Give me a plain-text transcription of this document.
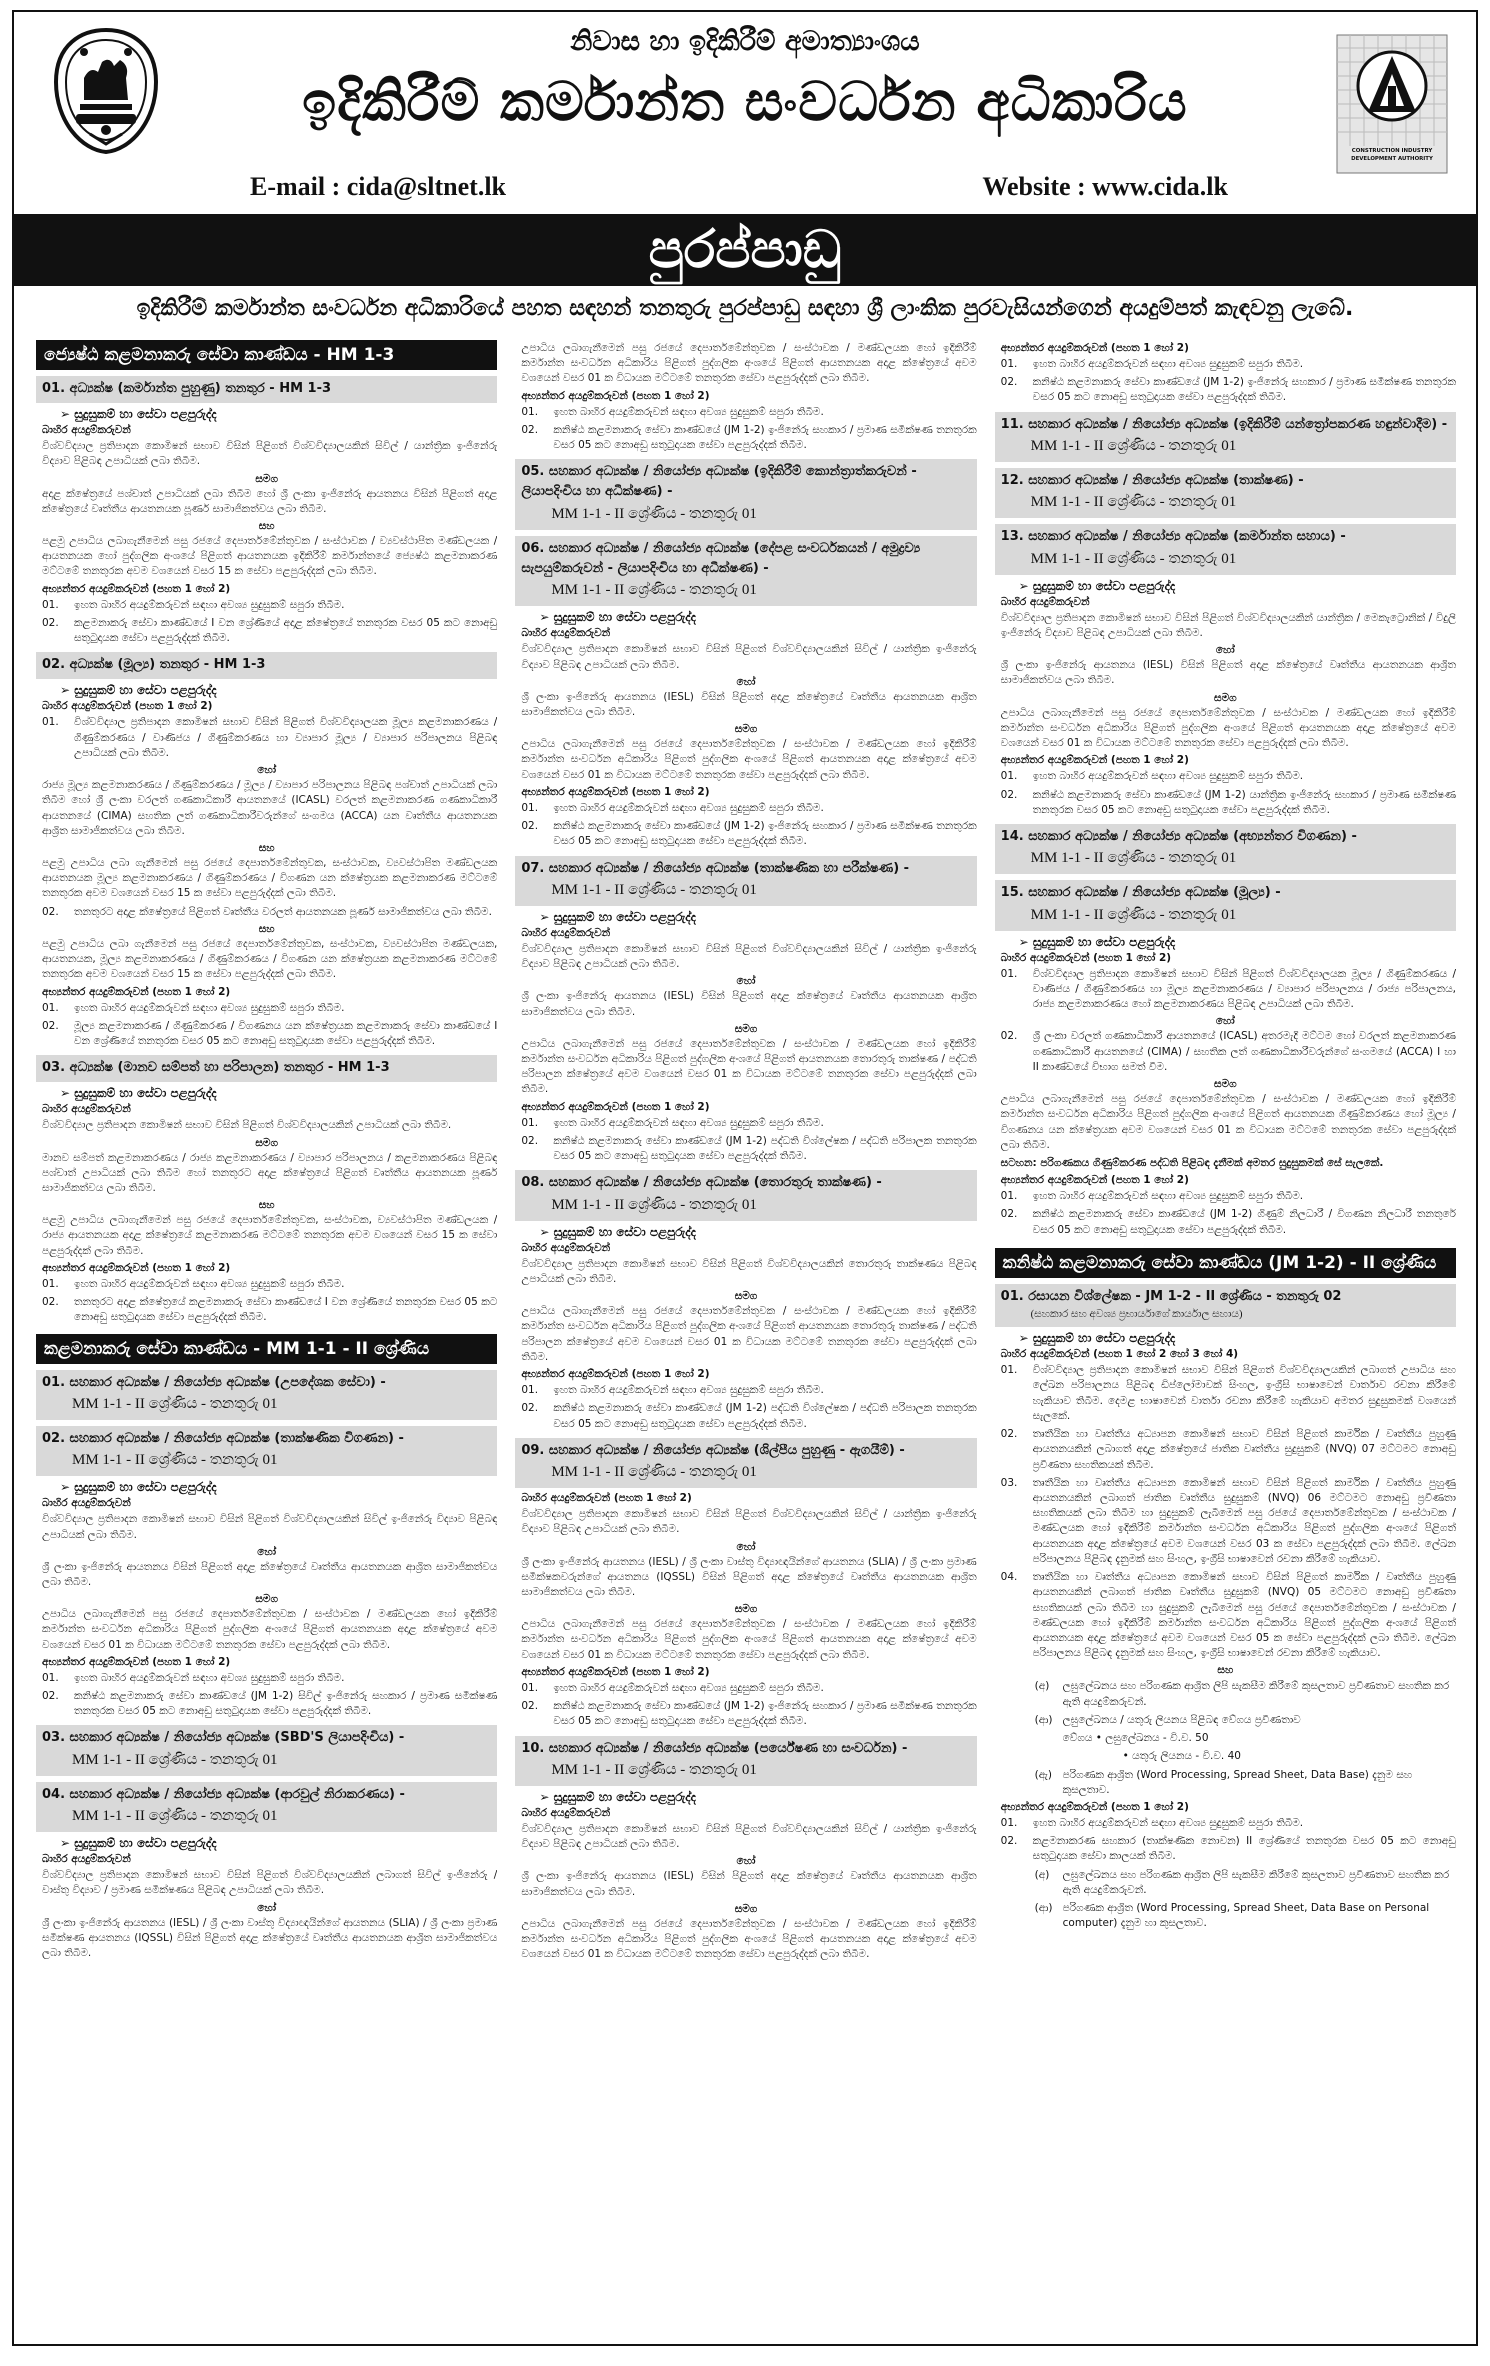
නිවාස හා ඉදිකිරීම් අමාත්‍යාංශය
ඉදිකිරීම් කර්මාන්ත සංවර්ධන අධිකාරිය
E-mail : cida@sltnet.lk	Website : www.cida.lk
CONSTRUCTION INDUSTRY
DEVELOPMENT AUTHORITY
පුරප්පාඩු
ඉදිකිරීම් කර්මාන්ත සංවර්ධන අධිකාරියේ පහත සඳහන් තනතුරු පුරප්පාඩු සඳහා ශ්‍රී ලාංකික පුරවැසියන්ගෙන් අයදුම්පත් කැඳවනු ලැබේ.
ජ්‍යෙෂ්ඨ කළමනාකරු සේවා කාණ්ඩය - HM 1-3
01. අධ්‍යක්ෂ (කර්මාන්ත පුහුණු) තනතුර - HM 1-3
➢ සුදුසුකම් හා සේවා පළපුරුද්ද
බාහිර අයදුම්කරුවන්
විශ්වවිද්‍යාල ප්‍රතිපාදන කොමිෂන් සභාව විසින් පිළිගත් විශ්වවිද්‍යාලයකින් සිවිල් / යාන්ත්‍රික ඉංජිනේරු විද්‍යාව පිළිබඳ උපාධියක් ලබා තිබීම.
සමග
අදාළ ක්ෂේත්‍රයේ පශ්චාත් උපාධියක් ලබා තිබීම හෝ ශ්‍රී ලංකා ඉංජිනේරු ආයතනය විසින් පිළිගත් අදාළ ක්ෂේත්‍රයේ වෘත්තීය ආයතනයක පූර්ණ සාමාජිකත්වය ලබා තිබීම.
සහ
පළමු උපාධිය ලබාගැනීමෙන් පසු රජයේ දෙපාර්තමේන්තුවක / සංස්ථාවක / ව්‍යවස්ථාපිත මණ්ඩලයක / ආයතනයක හෝ පුද්ගලික අංශයේ පිළිගත් ආයතනයක ඉදිකිරීම් කර්මාන්තයේ ජ්‍යෙෂ්ඨ කළමනාකරණ මට්ටමේ තනතුරක අවම වශයෙන් වසර 15 ක සේවා පළපුරුද්දක් ලබා තිබීම.
අභ්‍යන්තර අයදුම්කරුවන් (පහත 1 හෝ 2)
01.	ඉහත බාහිර අයදුම්කරුවන් සඳහා අවශ්‍ය සුදුසුකම් සපුරා තිබීම.
02.	කළමනාකරු සේවා කාණ්ඩයේ I වන ශ්‍රේණියේ අදාළ ක්ෂේත්‍රයේ තනතුරක වසර 05 කට නොඅඩු සතුටුදායක සේවා පළපුරුද්දක් තිබීම.
02. අධ්‍යක්ෂ (මූල්‍ය) තනතුර - HM 1-3
➢ සුදුසුකම් හා සේවා පළපුරුද්ද
බාහිර අයදුම්කරුවන් (පහත 1 හෝ 2)
01.	විශ්වවිද්‍යාල ප්‍රතිපාදන කොමිෂන් සභාව විසින් පිළිගත් විශ්වවිද්‍යාලයක මූල්‍ය කළමනාකරණය / ගිණුම්කරණය / වාණිජය / ගිණුම්කරණය හා ව්‍යාපාර මූල්‍ය / ව්‍යාපාර පරිපාලනය පිළිබඳ උපාධියක් ලබා තිබීම.
හෝ
රාජ්‍ය මූල්‍ය කළමනාකරණය / ගිණුම්කරණය / මූල්‍ය / ව්‍යාපාර පරිපාලනය පිළිබඳ පශ්චාත් උපාධියක් ලබා තිබීම හෝ ශ්‍රී ලංකා වරලත් ගණකාධිකාරී ආයතනයේ (ICASL) වරලත් කළමනාකරණ ගණකාධිකාරී ආයතනයේ (CIMA) සහතික ලත් ගණකාධිකාරීවරුන්ගේ සංගමය (ACCA) යන වෘත්තීය ආයතනයක ආශ්‍රිත සාමාජිකත්වය ලබා තිබීම.
සහ
පළමු උපාධිය ලබා ගැනීමෙන් පසු රජයේ දෙපාර්තමේන්තුවක, සංස්ථාවක, ව්‍යවස්ථාපිත මණ්ඩලයක ආයතනයක මූල්‍ය කළමනාකරණය / ගිණුම්කරණය / විගණන යන ක්ෂේත්‍රයක කළමනාකරණ මට්ටමේ තනතුරක අවම වශයෙන් වසර 15 ක සේවා පළපුරුද්දක් ලබා තිබීම.
02.	තනතුරට අදාළ ක්ෂේත්‍රයේ පිළිගත් වෘත්තීය වරලත් ආයතනයක පූර්ණ සාමාජිකත්වය ලබා තිබීම.
සහ
පළමු උපාධිය ලබා ගැනීමෙන් පසු රජයේ දෙපාර්තමේන්තුවක, සංස්ථාවක, ව්‍යවස්ථාපිත මණ්ඩලයක, ආයතනයක, මූල්‍ය කළමනාකරණය / ගිණුම්කරණය / විගණන යන ක්ෂේත්‍රයක කළමනාකරණ මට්ටමේ තනතුරක අවම වශයෙන් වසර 15 ක සේවා පළපුරුද්දක් ලබා තිබීම.
අභ්‍යන්තර අයදුම්කරුවන් (පහත 1 හෝ 2)
01.	ඉහත බාහිර අයදුම්කරුවන් සඳහා අවශ්‍ය සුදුසුකම් සපුරා තිබීම.
02.	මූල්‍ය කළමනාකරණ / ගිණුම්කරණ / විගණනය යන ක්ෂේත්‍රයක කළමනාකරු සේවා කාණ්ඩයේ I වන ශ්‍රේණියේ තනතුරක වසර 05 කට නොඅඩු සතුටුදායක සේවා පළපුරුද්දක් තිබීම.
03. අධ්‍යක්ෂ (මානව සම්පත් හා පරිපාලන) තනතුර - HM 1-3
➢ සුදුසුකම් හා සේවා පළපුරුද්ද
බාහිර අයදුම්කරුවන්
විශ්වවිද්‍යාල ප්‍රතිපාදන කොමිෂන් සභාව විසින් පිළිගත් විශ්වවිද්‍යාලයකින් උපාධියක් ලබා තිබීම.
සමග
මානව සම්පත් කළමනාකරණය / රාජ්‍ය කළමනාකරණය / ව්‍යාපාර පරිපාලනය / කළමනාකරණය පිළිබඳ පශ්චාත් උපාධියක් ලබා තිබීම හෝ තනතුරට අදාළ ක්ෂේත්‍රයේ පිළිගත් වෘත්තීය ආයතනයක පූර්ණ සාමාජිකත්වය ලබා තිබීම.
සහ
පළමු උපාධිය ලබාගැනීමෙන් පසු රජයේ දෙපාර්තමේන්තුවක, සංස්ථාවක, ව්‍යවස්ථාපිත මණ්ඩලයක / රාජ්‍ය ආයතනයක අදාළ ක්ෂේත්‍රයේ කළමනාකරණ මට්ටමේ තනතුරක අවම වශයෙන් වසර 15 ක සේවා පළපුරුද්දක් ලබා තිබීම.
අභ්‍යන්තර අයදුම්කරුවන් (පහත 1 හෝ 2)
01.	ඉහත බාහිර අයදුම්කරුවන් සඳහා අවශ්‍ය සුදුසුකම් සපුරා තිබීම.
02.	තනතුරට අදාළ ක්ෂේත්‍රයේ කළමනාකරු සේවා කාණ්ඩයේ I වන ශ්‍රේණියේ තනතුරක වසර 05 කට නොඅඩු සතුටුදායක සේවා පළපුරුද්දක් තිබීම.
කළමනාකරු සේවා කාණ්ඩය - MM 1-1 - II ශ්‍රේණිය
01. සහකාර අධ්‍යක්ෂ / නියෝජ්‍ය අධ්‍යක්ෂ (උපදේශක සේවා) -
MM 1-1 - II ශ්‍රේණිය - තනතුරු 01
02. සහකාර අධ්‍යක්ෂ / නියෝජ්‍ය අධ්‍යක්ෂ (තාක්ෂණික විගණන) -
MM 1-1 - II ශ්‍රේණිය - තනතුරු 01
➢ සුදුසුකම් හා සේවා පළපුරුද්ද
බාහිර අයදුම්කරුවන්
විශ්වවිද්‍යාල ප්‍රතිපාදන කොමිෂන් සභාව විසින් පිළිගත් විශ්වවිද්‍යාලයකින් සිවිල් ඉංජිනේරු විද්‍යාව පිළිබඳ උපාධියක් ලබා තිබීම.
හෝ
ශ්‍රී ලංකා ඉංජිනේරු ආයතනය විසින් පිළිගත් අදාළ ක්ෂේත්‍රයේ වෘත්තීය ආයතනයක ආශ්‍රිත සාමාජිකත්වය ලබා තිබීම.
සමග
උපාධිය ලබාගැනීමෙන් පසු රජයේ දෙපාර්තමේන්තුවක / සංස්ථාවක / මණ්ඩලයක හෝ ඉදිකිරීම් කර්මාන්ත සංවර්ධන අධිකාරිය පිළිගත් පුද්ගලික අංශයේ පිළිගත් ආයතනයක අදාළ ක්ෂේත්‍රයේ අවම වශයෙන් වසර 01 ක විධායක මට්ටමේ තනතුරක සේවා පළපුරුද්දක් ලබා තිබීම.
අභ්‍යන්තර අයදුම්කරුවන් (පහත 1 හෝ 2)
01.	ඉහත බාහිර අයදුම්කරුවන් සඳහා අවශ්‍ය සුදුසුකම් සපුරා තිබීම.
02.	කනිෂ්ඨ කළමනාකරු සේවා කාණ්ඩයේ (JM 1-2) සිවිල් ඉංජිනේරු සහකාර / ප්‍රමාණ සමීක්ෂණ තනතුරක වසර 05 කට නොඅඩු සතුටුදායක සේවා පළපුරුද්දක් තිබීම.
03. සහකාර අධ්‍යක්ෂ / නියෝජ්‍ය අධ්‍යක්ෂ (SBD'S ලියාපදිංචිය) -
MM 1-1 - II ශ්‍රේණිය - තනතුරු 01
04. සහකාර අධ්‍යක්ෂ / නියෝජ්‍ය අධ්‍යක්ෂ (ආරවුල් නිරාකරණය) -
MM 1-1 - II ශ්‍රේණිය - තනතුරු 01
➢ සුදුසුකම් හා සේවා පළපුරුද්ද
බාහිර අයදුම්කරුවන්
විශ්වවිද්‍යාල ප්‍රතිපාදන කොමිෂන් සභාව විසින් පිළිගත් විශ්වවිද්‍යාලයකින් ලබාගත් සිවිල් ඉංජිනේරු / වාස්තු විද්‍යාව / ප්‍රමාණ සමීක්ෂණය පිළිබඳ උපාධියක් ලබා තිබීම.
හෝ
ශ්‍රී ලංකා ඉංජිනේරු ආයතනය (IESL) / ශ්‍රී ලංකා වාස්තු විද්‍යාඥයින්ගේ ආයතනය (SLIA) / ශ්‍රී ලංකා ප්‍රමාණ සමීක්ෂණ ආයතනය (IQSSL) විසින් පිළිගත් අදාළ ක්ෂේත්‍රයේ වෘත්තීය ආයතනයක ආශ්‍රිත සාමාජිකත්වය ලබා තිබීම.
උපාධිය ලබාගැනීමෙන් පසු රජයේ දෙපාර්තමේන්තුවක / සංස්ථාවක / මණ්ඩලයක හෝ ඉදිකිරීම් කර්මාන්ත සංවර්ධන අධිකාරිය පිළිගත් පුද්ගලික අංශයේ පිළිගත් ආයතනයක අදාළ ක්ෂේත්‍රයේ අවම වශයෙන් වසර 01 ක විධායක මට්ටමේ තනතුරක සේවා පළපුරුද්දක් ලබා තිබීම.
අභ්‍යන්තර අයදුම්කරුවන් (පහත 1 හෝ 2)
01.	ඉහත බාහිර අයදුම්කරුවන් සඳහා අවශ්‍ය සුදුසුකම් සපුරා තිබීම.
02.	කනිෂ්ඨ කළමනාකරු සේවා කාණ්ඩයේ (JM 1-2) ඉංජිනේරු සහකාර / ප්‍රමාණ සමීක්ෂණ තනතුරක වසර 05 කට නොඅඩු සතුටුදායක සේවා පළපුරුද්දක් තිබීම.
05. සහකාර අධ්‍යක්ෂ / නියෝජ්‍ය අධ්‍යක්ෂ (ඉදිකිරීම් කොන්ත්‍රාත්කරුවන් - ලියාපදිංචිය හා අධීක්ෂණ) -
MM 1-1 - II ශ්‍රේණිය - තනතුරු 01
06. සහකාර අධ්‍යක්ෂ / නියෝජ්‍ය අධ්‍යක්ෂ (දේපළ සංවර්ධකයන් / අමුද්‍රව්‍ය සැපයුම්කරුවන් - ලියාපදිංචිය හා අධීක්ෂණ) -
MM 1-1 - II ශ්‍රේණිය - තනතුරු 01
➢ සුදුසුකම් හා සේවා පළපුරුද්ද
බාහිර අයදුම්කරුවන්
විශ්වවිද්‍යාල ප්‍රතිපාදන කොමිෂන් සභාව විසින් පිළිගත් විශ්වවිද්‍යාලයකින් සිවිල් / යාන්ත්‍රික ඉංජිනේරු විද්‍යාව පිළිබඳ උපාධියක් ලබා තිබීම.
හෝ
ශ්‍රී ලංකා ඉංජිනේරු ආයතනය (IESL) විසින් පිළිගත් අදාළ ක්ෂේත්‍රයේ වෘත්තීය ආයතනයක ආශ්‍රිත සාමාජිකත්වය ලබා තිබීම.
සමග
උපාධිය ලබාගැනීමෙන් පසු රජයේ දෙපාර්තමේන්තුවක / සංස්ථාවක / මණ්ඩලයක හෝ ඉදිකිරීම් කර්මාන්ත සංවර්ධන අධිකාරිය පිළිගත් පුද්ගලික අංශයේ පිළිගත් ආයතනයක අදාළ ක්ෂේත්‍රයේ අවම වශයෙන් වසර 01 ක විධායක මට්ටමේ තනතුරක සේවා පළපුරුද්දක් ලබා තිබීම.
අභ්‍යන්තර අයදුම්කරුවන් (පහත 1 හෝ 2)
01.	ඉහත බාහිර අයදුම්කරුවන් සඳහා අවශ්‍ය සුදුසුකම් සපුරා තිබීම.
02.	කනිෂ්ඨ කළමනාකරු සේවා කාණ්ඩයේ (JM 1-2) ඉංජිනේරු සහකාර / ප්‍රමාණ සමීක්ෂණ තනතුරක වසර 05 කට නොඅඩු සතුටුදායක සේවා පළපුරුද්දක් තිබීම.
07. සහකාර අධ්‍යක්ෂ / නියෝජ්‍ය අධ්‍යක්ෂ (තාක්ෂණික හා පරීක්ෂණ) -
MM 1-1 - II ශ්‍රේණිය - තනතුරු 01
➢ සුදුසුකම් හා සේවා පළපුරුද්ද
බාහිර අයදුම්කරුවන්
විශ්වවිද්‍යාල ප්‍රතිපාදන කොමිෂන් සභාව විසින් පිළිගත් විශ්වවිද්‍යාලයකින් සිවිල් / යාන්ත්‍රික ඉංජිනේරු විද්‍යාව පිළිබඳ උපාධියක් ලබා තිබීම.
හෝ
ශ්‍රී ලංකා ඉංජිනේරු ආයතනය (IESL) විසින් පිළිගත් අදාළ ක්ෂේත්‍රයේ වෘත්තීය ආයතනයක ආශ්‍රිත සාමාජිකත්වය ලබා තිබීම.
සමග
උපාධිය ලබාගැනීමෙන් පසු රජයේ දෙපාර්තමේන්තුවක / සංස්ථාවක / මණ්ඩලයක හෝ ඉදිකිරීම් කර්මාන්ත සංවර්ධන අධිකාරිය පිළිගත් පුද්ගලික අංශයේ පිළිගත් ආයතනයක තොරතුරු තාක්ෂණ / පද්ධති පරිපාලන ක්ෂේත්‍රයේ අවම වශයෙන් වසර 01 ක විධායක මට්ටමේ තනතුරක සේවා පළපුරුද්දක් ලබා තිබීම.
අභ්‍යන්තර අයදුම්කරුවන් (පහත 1 හෝ 2)
01.	ඉහත බාහිර අයදුම්කරුවන් සඳහා අවශ්‍ය සුදුසුකම් සපුරා තිබීම.
02.	කනිෂ්ඨ කළමනාකරු සේවා කාණ්ඩයේ (JM 1-2) පද්ධති විශ්ලේෂක / පද්ධති පරිපාලක තනතුරක වසර 05 කට නොඅඩු සතුටුදායක සේවා පළපුරුද්දක් තිබීම.
08. සහකාර අධ්‍යක්ෂ / නියෝජ්‍ය අධ්‍යක්ෂ (තොරතුරු තාක්ෂණ) -
MM 1-1 - II ශ්‍රේණිය - තනතුරු 01
➢ සුදුසුකම් හා සේවා පළපුරුද්ද
බාහිර අයදුම්කරුවන්
විශ්වවිද්‍යාල ප්‍රතිපාදන කොමිෂන් සභාව විසින් පිළිගත් විශ්වවිද්‍යාලයකින් තොරතුරු තාක්ෂණය පිළිබඳ උපාධියක් ලබා තිබීම.
සමග
උපාධිය ලබාගැනීමෙන් පසු රජයේ දෙපාර්තමේන්තුවක / සංස්ථාවක / මණ්ඩලයක හෝ ඉදිකිරීම් කර්මාන්ත සංවර්ධන අධිකාරිය පිළිගත් පුද්ගලික අංශයේ පිළිගත් ආයතනයක තොරතුරු තාක්ෂණ / පද්ධති පරිපාලන ක්ෂේත්‍රයේ අවම වශයෙන් වසර 01 ක විධායක මට්ටමේ තනතුරක සේවා පළපුරුද්දක් ලබා තිබීම.
අභ්‍යන්තර අයදුම්කරුවන් (පහත 1 හෝ 2)
01.	ඉහත බාහිර අයදුම්කරුවන් සඳහා අවශ්‍ය සුදුසුකම් සපුරා තිබීම.
02.	කනිෂ්ඨ කළමනාකරු සේවා කාණ්ඩයේ (JM 1-2) පද්ධති විශ්ලේෂක / පද්ධති පරිපාලක තනතුරක වසර 05 කට නොඅඩු සතුටුදායක සේවා පළපුරුද්දක් තිබීම.
09. සහකාර අධ්‍යක්ෂ / නියෝජ්‍ය අධ්‍යක්ෂ (ශිල්පීය පුහුණු - ඇගයීම්) -
MM 1-1 - II ශ්‍රේණිය - තනතුරු 01
බාහිර අයදුම්කරුවන් (පහත 1 හෝ 2)
විශ්වවිද්‍යාල ප්‍රතිපාදන කොමිෂන් සභාව විසින් පිළිගත් විශ්වවිද්‍යාලයකින් සිවිල් / යාන්ත්‍රික ඉංජිනේරු විද්‍යාව පිළිබඳ උපාධියක් ලබා තිබීම.
හෝ
ශ්‍රී ලංකා ඉංජිනේරු ආයතනය (IESL) / ශ්‍රී ලංකා වාස්තු විද්‍යාඥයින්ගේ ආයතනය (SLIA) / ශ්‍රී ලංකා ප්‍රමාණ සමීක්ෂකවරුන්ගේ ආයතනය (IQSSL) විසින් පිළිගත් අදාළ ක්ෂේත්‍රයේ වෘත්තීය ආයතනයක ආශ්‍රිත සාමාජිකත්වය ලබා තිබීම.
සමග
උපාධිය ලබාගැනීමෙන් පසු රජයේ දෙපාර්තමේන්තුවක / සංස්ථාවක / මණ්ඩලයක හෝ ඉදිකිරීම් කර්මාන්ත සංවර්ධන අධිකාරිය පිළිගත් පුද්ගලික අංශයේ පිළිගත් ආයතනයක අදාළ ක්ෂේත්‍රයේ අවම වශයෙන් වසර 01 ක විධායක මට්ටමේ තනතුරක සේවා පළපුරුද්දක් ලබා තිබීම.
අභ්‍යන්තර අයදුම්කරුවන් (පහත 1 හෝ 2)
01.	ඉහත බාහිර අයදුම්කරුවන් සඳහා අවශ්‍ය සුදුසුකම් සපුරා තිබීම.
02.	කනිෂ්ඨ කළමනාකරු සේවා කාණ්ඩයේ (JM 1-2) ඉංජිනේරු සහකාර / ප්‍රමාණ සමීක්ෂණ තනතුරක වසර 05 කට නොඅඩු සතුටුදායක සේවා පළපුරුද්දක් තිබීම.
10. සහකාර අධ්‍යක්ෂ / නියෝජ්‍ය අධ්‍යක්ෂ (පර්යේෂණ හා සංවර්ධන) -
MM 1-1 - II ශ්‍රේණිය - තනතුරු 01
➢ සුදුසුකම් හා සේවා පළපුරුද්ද
බාහිර අයදුම්කරුවන්
විශ්වවිද්‍යාල ප්‍රතිපාදන කොමිෂන් සභාව විසින් පිළිගත් විශ්වවිද්‍යාලයකින් සිවිල් / යාන්ත්‍රික ඉංජිනේරු විද්‍යාව පිළිබඳ උපාධියක් ලබා තිබීම.
හෝ
ශ්‍රී ලංකා ඉංජිනේරු ආයතනය (IESL) විසින් පිළිගත් අදාළ ක්ෂේත්‍රයේ වෘත්තීය ආයතනයක ආශ්‍රිත සාමාජිකත්වය ලබා තිබීම.
සමග
උපාධිය ලබාගැනීමෙන් පසු රජයේ දෙපාර්තමේන්තුවක / සංස්ථාවක / මණ්ඩලයක හෝ ඉදිකිරීම් කර්මාන්ත සංවර්ධන අධිකාරිය පිළිගත් පුද්ගලික අංශයේ පිළිගත් ආයතනයක අදාළ ක්ෂේත්‍රයේ අවම වශයෙන් වසර 01 ක විධායක මට්ටමේ තනතුරක සේවා පළපුරුද්දක් ලබා තිබීම.
අභ්‍යන්තර අයදුම්කරුවන් (පහත 1 හෝ 2)
01.	ඉහත බාහිර අයදුම්කරුවන් සඳහා අවශ්‍ය සුදුසුකම් සපුරා තිබීම.
02.	කනිෂ්ඨ කළමනාකරු සේවා කාණ්ඩයේ (JM 1-2) ඉංජිනේරු සහකාර / ප්‍රමාණ සමීක්ෂණ තනතුරක වසර 05 කට නොඅඩු සතුටුදායක සේවා පළපුරුද්දක් තිබීම.
11. සහකාර අධ්‍යක්ෂ / නියෝජ්‍ය අධ්‍යක්ෂ (ඉදිකිරීම් යන්ත්‍රෝපකරණ හඳුන්වාදීම) -
MM 1-1 - II ශ්‍රේණිය - තනතුරු 01
12. සහකාර අධ්‍යක්ෂ / නියෝජ්‍ය අධ්‍යක්ෂ (තාක්ෂණ) -
MM 1-1 - II ශ්‍රේණිය - තනතුරු 01
13. සහකාර අධ්‍යක්ෂ / නියෝජ්‍ය අධ්‍යක්ෂ (කර්මාන්ත සහාය) -
MM 1-1 - II ශ්‍රේණිය - තනතුරු 01
➢ සුදුසුකම් හා සේවා පළපුරුද්ද
බාහිර අයදුම්කරුවන්
විශ්වවිද්‍යාල ප්‍රතිපාදන කොමිෂන් සභාව විසින් පිළිගත් විශ්වවිද්‍යාලයකින් යාන්ත්‍රික / මෙකැට්‍රොනික් / විදුලි ඉංජිනේරු විද්‍යාව පිළිබඳ උපාධියක් ලබා තිබීම.
හෝ
ශ්‍රී ලංකා ඉංජිනේරු ආයතනය (IESL) විසින් පිළිගත් අදාළ ක්ෂේත්‍රයේ වෘත්තීය ආයතනයක ආශ්‍රිත සාමාජිකත්වය ලබා තිබීම.
සමග
උපාධිය ලබාගැනීමෙන් පසු රජයේ දෙපාර්තමේන්තුවක / සංස්ථාවක / මණ්ඩලයක හෝ ඉදිකිරීම් කර්මාන්ත සංවර්ධන අධිකාරිය පිළිගත් පුද්ගලික අංශයේ පිළිගත් ආයතනයක අදාළ ක්ෂේත්‍රයේ අවම වශයෙන් වසර 01 ක විධායක මට්ටමේ තනතුරක සේවා පළපුරුද්දක් ලබා තිබීම.
අභ්‍යන්තර අයදුම්කරුවන් (පහත 1 හෝ 2)
01.	ඉහත බාහිර අයදුම්කරුවන් සඳහා අවශ්‍ය සුදුසුකම් සපුරා තිබීම.
02.	කනිෂ්ඨ කළමනාකරු සේවා කාණ්ඩයේ (JM 1-2) යාන්ත්‍රික ඉංජිනේරු සහකාර / ප්‍රමාණ සමීක්ෂණ තනතුරක වසර 05 කට නොඅඩු සතුටුදායක සේවා පළපුරුද්දක් තිබීම.
14. සහකාර අධ්‍යක්ෂ / නියෝජ්‍ය අධ්‍යක්ෂ (අභ්‍යන්තර විගණන) -
MM 1-1 - II ශ්‍රේණිය - තනතුරු 01
15. සහකාර අධ්‍යක්ෂ / නියෝජ්‍ය අධ්‍යක්ෂ (මූල්‍ය) -
MM 1-1 - II ශ්‍රේණිය - තනතුරු 01
➢ සුදුසුකම් හා සේවා පළපුරුද්ද
බාහිර අයදුම්කරුවන් (පහත 1 හෝ 2)
01.	විශ්වවිද්‍යාල ප්‍රතිපාදන කොමිෂන් සභාව විසින් පිළිගත් විශ්වවිද්‍යාලයක මූල්‍ය / ගිණුම්කරණය / වාණිජය / ගිණුම්කරණය හා මූල්‍ය කළමනාකරණය / ව්‍යාපාර පරිපාලනය / රාජ්‍ය පරිපාලනය, රාජ්‍ය කළමනාකරණය හෝ කළමනාකරණය පිළිබඳ උපාධියක් ලබා තිබීම.
හෝ
02.	ශ්‍රී ලංකා වරලත් ගණකාධිකාරී ආයතනයේ (ICASL) අතරමැදි මට්ටම හෝ වරලත් කළමනාකරණ ගණකාධිකාරී ආයතනයේ (CIMA) / සහතික ලත් ගණකාධිකාරීවරුන්ගේ සංගමයේ (ACCA) I හා II කාණ්ඩයේ විභාග සමත් වීම.
සමග
උපාධිය ලබාගැනීමෙන් පසු රජයේ දෙපාර්තමේන්තුවක / සංස්ථාවක / මණ්ඩලයක හෝ ඉදිකිරීම් කර්මාන්ත සංවර්ධන අධිකාරිය පිළිගත් පුද්ගලික අංශයේ පිළිගත් ආයතනයක ගිණුම්කරණය හෝ මූල්‍ය / විගණනය යන ක්ෂේත්‍රයක අවම වශයෙන් වසර 01 ක විධායක මට්ටමේ තනතුරක සේවා පළපුරුද්දක් ලබා තිබීම.
සටහන: පරිගණකය ගිණුම්කරණ පද්ධති පිළිබඳ දැනීමක් අමතර සුදුසුකමක් සේ සැලකේ.
අභ්‍යන්තර අයදුම්කරුවන් (පහත 1 හෝ 2)
01.	ඉහත බාහිර අයදුම්කරුවන් සඳහා අවශ්‍ය සුදුසුකම් සපුරා තිබීම.
02.	කනිෂ්ඨ කළමනාකරු සේවා කාණ්ඩයේ (JM 1-2) ගිණුම් නිලධාරී / විගණන නිලධාරී තනතුරේ වසර 05 කට නොඅඩු සතුටුදායක සේවා පළපුරුද්දක් තිබීම.
කනිෂ්ඨ කළමනාකරු සේවා කාණ්ඩය (JM 1-2) - II ශ්‍රේණිය
01. රසායන විශ්ලේෂක - JM 1-2 - II ශ්‍රේණිය - තනතුරු 02
(සහකාර සහ අවශ්‍ය ප්‍රභාර්යාගේ කාර්යාල සහාය)
➢ සුදුසුකම් හා සේවා පළපුරුද්ද
බාහිර අයදුම්කරුවන් (පහත 1 හෝ 2 හෝ 3 හෝ 4)
01.	විශ්වවිද්‍යාල ප්‍රතිපාදන කොමිෂන් සභාව විසින් පිළිගත් විශ්වවිද්‍යාලයකින් ලබාගත් උපාධිය සහ ලේඛන පරිපාලනය පිළිබඳ ඩිප්ලෝමාවක් සිංහල, ඉංග්‍රීසි භාෂාවෙන් වාර්තාව රචනා කිරීමේ හැකියාව තිබීම. දෙමළ භාෂාවෙන් වාර්තා රචනා කිරීමේ හැකියාව අමතර සුදුසුකමක් වශයෙන් සැලකේ.
02.	තෘතීයික හා වෘත්තීය අධ්‍යාපන කොමිෂන් සභාව විසින් පිළිගත් කාර්මික / වෘත්තීය පුහුණු ආයතනයකින් ලබාගත් අදාළ ක්ෂේත්‍රයේ ජාතික වෘත්තීය සුදුසුකම් (NVQ) 07 මට්ටමට නොඅඩු ප්‍රවීණතා සහතිකයක් තිබීම.
03.	තෘතීයික හා වෘත්තීය අධ්‍යාපන කොමිෂන් සභාව විසින් පිළිගත් කාර්මික / වෘත්තීය පුහුණු ආයතනයකින් ලබාගත් ජාතික වෘත්තීය සුදුසුකම් (NVQ) 06 මට්ටමට නොඅඩු ප්‍රවීණතා සහතිකයක් ලබා තිබීම හා සුදුසුකම් ලැබීමෙන් පසු රජයේ දෙපාර්තමේන්තුවක / සංස්ථාවක / මණ්ඩලයක හෝ ඉදිකිරීම් කර්මාන්ත සංවර්ධන අධිකාරිය පිළිගත් පුද්ගලික අංශයේ පිළිගත් ආයතනයක අදාළ ක්ෂේත්‍රයේ අවම වශයෙන් වසර 03 ක සේවා පළපුරුද්දක් ලබා තිබීම. ලේඛන පරිපාලනය පිළිබඳ දැනුමක් සහ සිංහල, ඉංග්‍රීසි භාෂාවෙන් රචනා කිරීමේ හැකියාව.
04.	තෘතීයික හා වෘත්තීය අධ්‍යාපන කොමිෂන් සභාව විසින් පිළිගත් කාර්මික / වෘත්තීය පුහුණු ආයතනයකින් ලබාගත් ජාතික වෘත්තීය සුදුසුකම් (NVQ) 05 මට්ටමට නොඅඩු ප්‍රවීණතා සහතිකයක් ලබා තිබීම හා සුදුසුකම් ලැබීමෙන් පසු රජයේ දෙපාර්තමේන්තුවක / සංස්ථාවක / මණ්ඩලයක හෝ ඉදිකිරීම් කර්මාන්ත සංවර්ධන අධිකාරිය පිළිගත් පුද්ගලික අංශයේ පිළිගත් ආයතනයක අදාළ ක්ෂේත්‍රයේ අවම වශයෙන් වසර 05 ක සේවා පළපුරුද්දක් ලබා තිබීම. ලේඛන පරිපාලනය පිළිබඳ දැනුමක් සහ සිංහල, ඉංග්‍රීසි භාෂාවෙන් රචනා කිරීමේ හැකියාව.
සහ
(අ)	ලඝුලේඛනය සහ පරිගණක ආශ්‍රිත ලිපි සැකසීම කිරීමේ කුසලතාව ප්‍රවීණතාව සහතික කර ඇති අයදුම්කරුවන්.
(ආ) ලඝුලේඛනය / යතුරු ලියනය පිළිබඳ වේගය ප්‍රවීණතාව
වේගය • ලඝුලේඛනය - වි.ව. 50
• යතුරු ලියනය - වි.ව. 40
(ඇ)	පරිගණක ආශ්‍රිත (Word Processing, Spread Sheet, Data Base) දැනුම සහ කුසලතාව.
අභ්‍යන්තර අයදුම්කරුවන් (පහත 1 හෝ 2)
01.	ඉහත බාහිර අයදුම්කරුවන් සඳහා අවශ්‍ය සුදුසුකම් සපුරා තිබීම.
02.	කළමනාකරණ සහකාර (තාක්ෂණික නොවන) II ශ්‍රේණියේ තනතුරක වසර 05 කට නොඅඩු සතුටුදායක සේවා කාලයක් තිබීම.
(අ)	ලඝුලේඛනය සහ පරිගණක ආශ්‍රිත ලිපි සැකසීම කිරීමේ කුසලතාව ප්‍රවීණතාව සහතික කර ඇති අයදුම්කරුවන්.
(ආ) පරිගණක ආශ්‍රිත (Word Processing, Spread Sheet, Data Base on Personal computer) දැනුම හා කුසලතාව.
